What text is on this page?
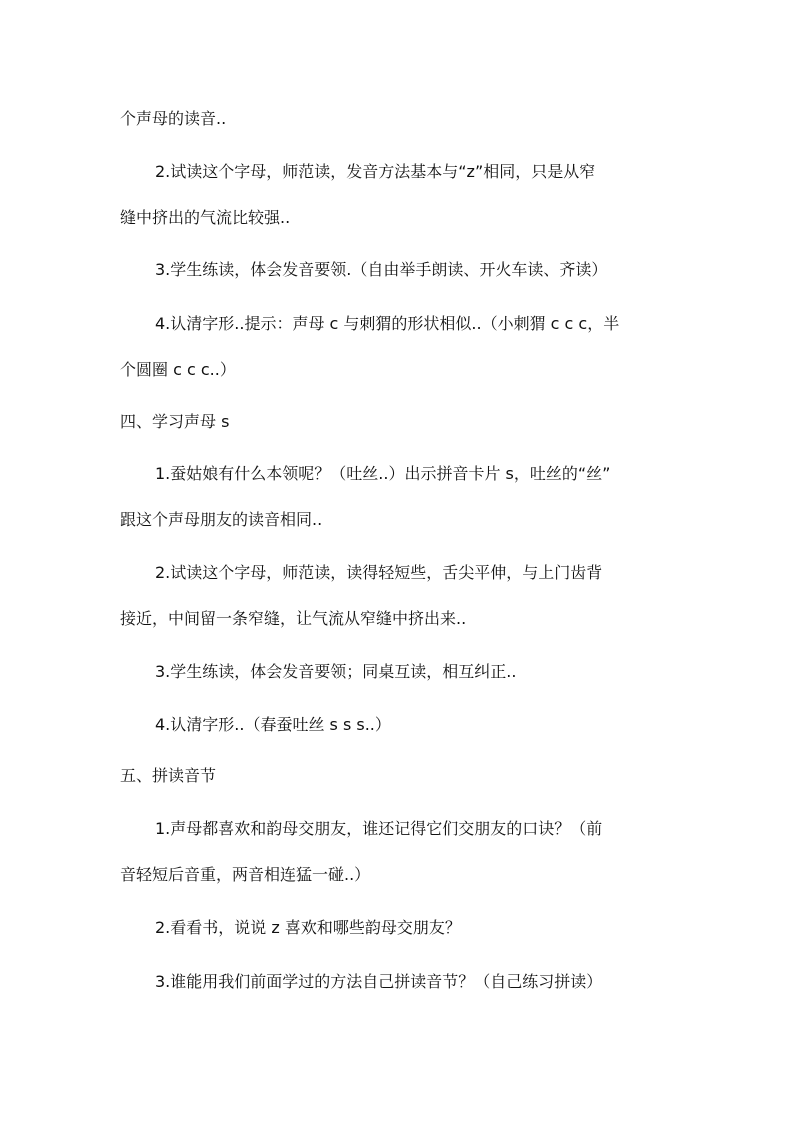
个声母的读音..
2.试读这个字母，师范读，发音方法基本与“z”相同，只是从窄
缝中挤出的气流比较强..
3.学生练读，体会发音要领.（自由举手朗读、开火车读、齐读）
4.认清字形..提示：声母 c 与刺猬的形状相似..（小刺猬 c c c，半
个圆圈 c c c..）
四、学习声母 s
1.蚕姑娘有什么本领呢？（吐丝..）出示拼音卡片 s，吐丝的“丝”
跟这个声母朋友的读音相同..
2.试读这个字母，师范读，读得轻短些，舌尖平伸，与上门齿背
接近，中间留一条窄缝，让气流从窄缝中挤出来..
3.学生练读，体会发音要领；同桌互读，相互纠正..
4.认清字形..（春蚕吐丝 s s s..）
五、拼读音节
1.声母都喜欢和韵母交朋友，谁还记得它们交朋友的口诀？（前
音轻短后音重，两音相连猛一碰..）
2.看看书，说说 z 喜欢和哪些韵母交朋友？
3.谁能用我们前面学过的方法自己拼读音节？（自己练习拼读）
